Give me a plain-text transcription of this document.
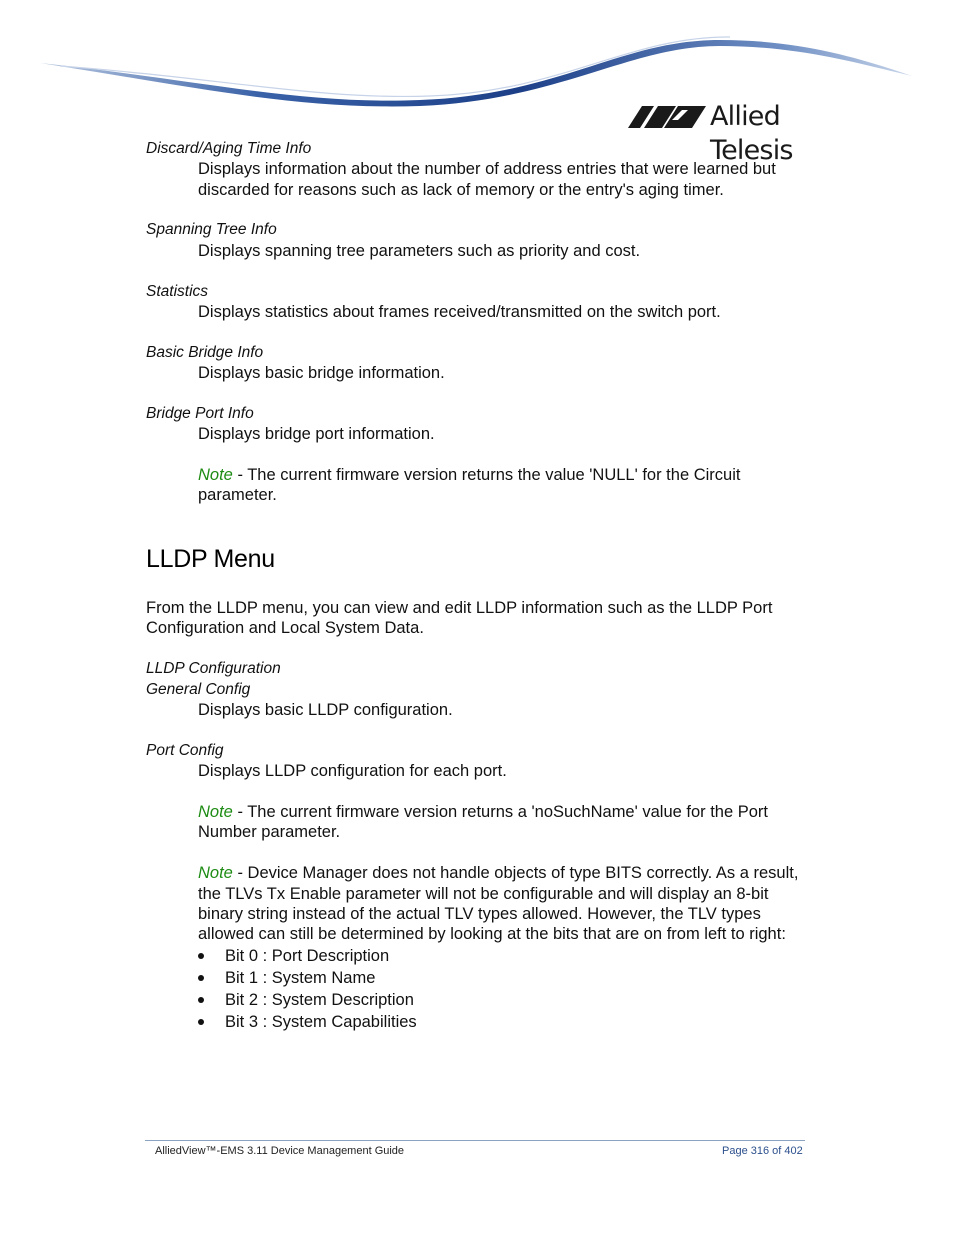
Allied Telesis
Discard/Aging Time Info
Displays information about the number of address entries that were learned but
discarded for reasons such as lack of memory or the entry's aging timer.
Spanning Tree Info
Displays spanning tree parameters such as priority and cost.
Statistics
Displays statistics about frames received/transmitted on the switch port.
Basic Bridge Info
Displays basic bridge information.
Bridge Port Info
Displays bridge port information.
Note - The current firmware version returns the value 'NULL' for the Circuit
parameter.
LLDP Menu
From the LLDP menu, you can view and edit LLDP information such as the LLDP Port
Configuration and Local System Data.
LLDP Configuration
General Config
Displays basic LLDP configuration.
Port Config
Displays LLDP configuration for each port.
Note - The current firmware version returns a 'noSuchName' value for the Port
Number parameter.
Note - Device Manager does not handle objects of type BITS correctly. As a result,
the TLVs Tx Enable parameter will not be configurable and will display an 8-bit
binary string instead of the actual TLV types allowed. However, the TLV types
allowed can still be determined by looking at the bits that are on from left to right:
Bit 0 : Port Description
Bit 1 : System Name
Bit 2 : System Description
Bit 3 : System Capabilities
AlliedView™-EMS 3.11 Device Management Guide	Page 316 of 402
